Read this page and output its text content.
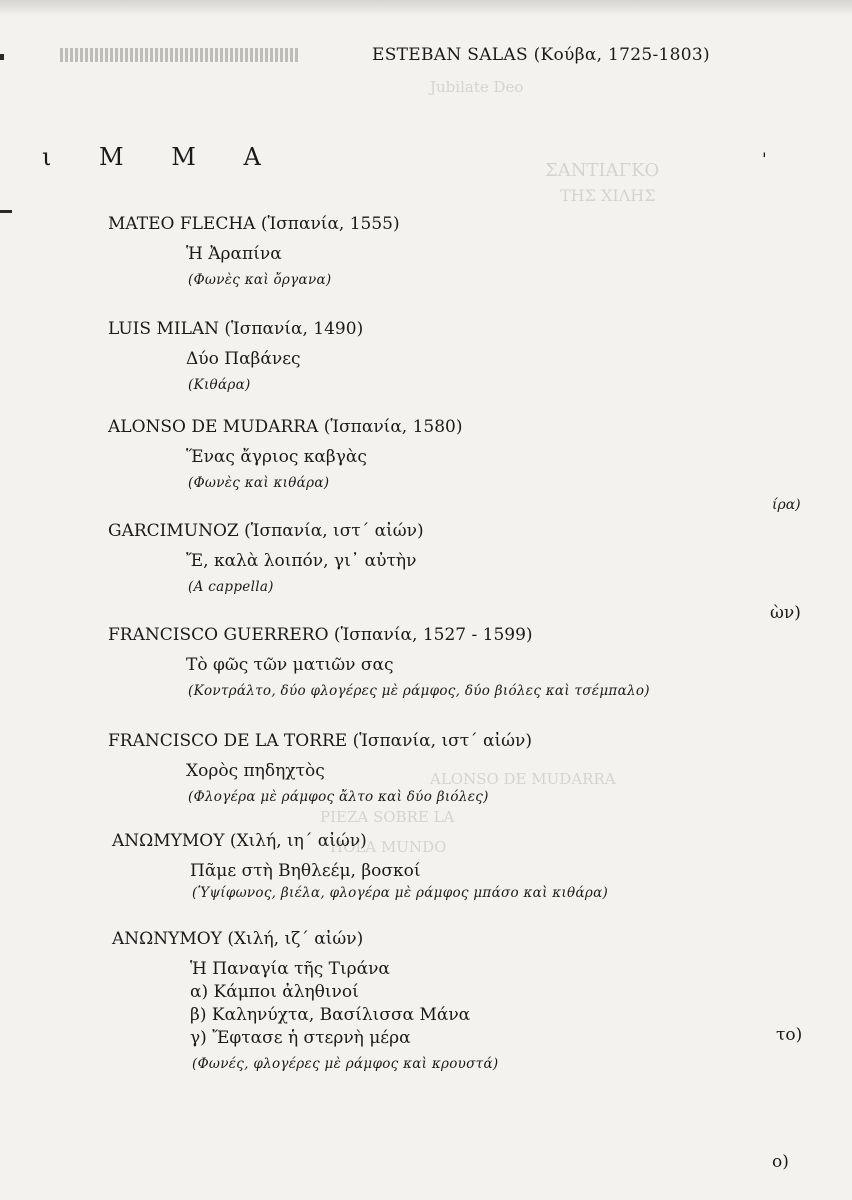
Jubilate Deo
ΣΑΝΤΙΑΓΚΟ
ΤΗΣ ΧΙΛΗΣ
ALONSO DE MUDARRA
PIEZA SOBRE LA
HOLA MUNDO
ESTEBAN SALAS (Κούβα, 1725-1803)
ι Μ Μ Α
MATEO FLECHA (Ἱσπανία, 1555)
Ἡ Ἀραπίνα
(Φωνὲς καὶ ὄργανα)
LUIS MILAN (Ἱσπανία, 1490)
Δύο Παβάνες
(Κιθάρα)
ALONSO DE MUDARRA (Ἱσπανία, 1580)
Ἕνας ἄγριος καβγὰς
(Φωνὲς καὶ κιθάρα)
GARCIMUNOZ (Ἱσπανία, ιστ΄ αἰών)
Ἔ, καλὰ λοιπόν, γι᾿ αὐτὴν
(A cappella)
FRANCISCO GUERRERO (Ἱσπανία, 1527 - 1599)
Τὸ φῶς τῶν ματιῶν σας
(Κοντράλτο, δύο φλογέρες μὲ ράμφος, δύο βιόλες καὶ τσέμπαλο)
FRANCISCO DE LA TORRE (Ἱσπανία, ιστ΄ αἰών)
Χορὸς πηδηχτὸς
(Φλογέρα μὲ ράμφος ἄλτο καὶ δύο βιόλες)
ΑΝΩΜΥΜΟΥ (Χιλή, ιη΄ αἰών)
Πᾶμε στὴ Βηθλεέμ, βοσκοί
(Ὑψίφωνος, βιέλα, φλογέρα μὲ ράμφος μπάσο καὶ κιθάρα)
ΑΝΩΝΥΜΟΥ (Χιλή, ιζ΄ αἰών)
Ἡ Παναγία τῆς Τιράνα
α) Κάμποι ἀληθινοί
β) Καληνύχτα, Βασίλισσα Μάνα
γ) Ἔφτασε ἡ στερνὴ μέρα
(Φωνές, φλογέρες μὲ ράμφος καὶ κρουστά)
ίρα)
ὼν)
το)
ο)
'
